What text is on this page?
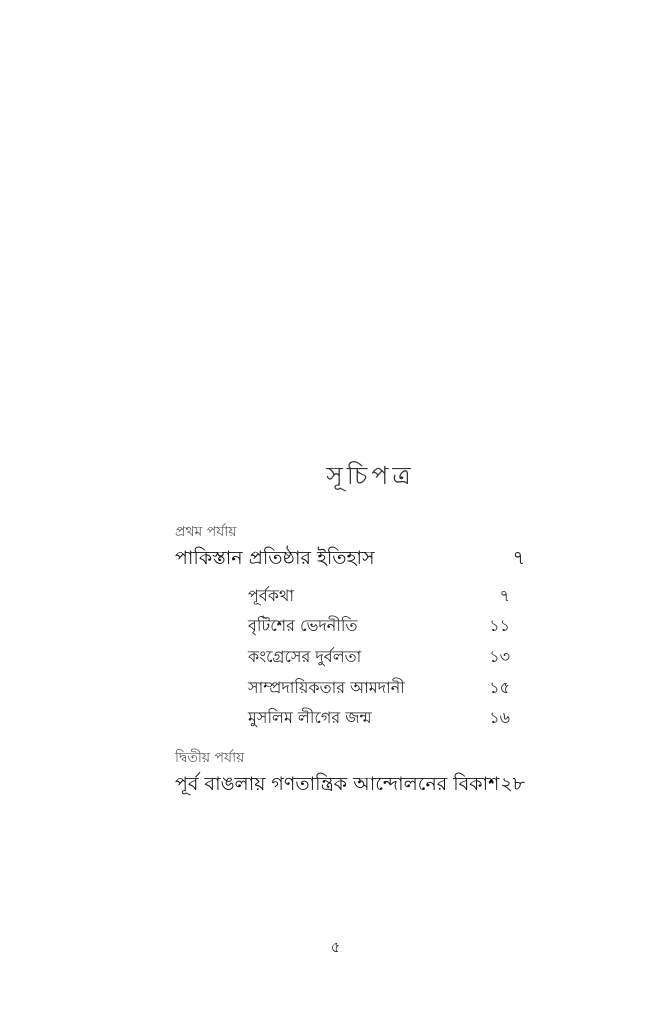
সূচিপত্র
প্রথম পর্যায়
পাকিস্তান প্রতিষ্ঠার ইতিহাস	৭
পূর্বকথা	৭
বৃটিশের ভেদনীতি	১১
কংগ্রেসের দুর্বলতা	১৩
সাম্প্রদায়িকতার আমদানী	১৫
মুসলিম লীগের জন্ম	১৬
দ্বিতীয় পর্যায়
পূর্ব বাঙলায় গণতান্ত্রিক আন্দোলনের বিকাশ ২৮
৫
